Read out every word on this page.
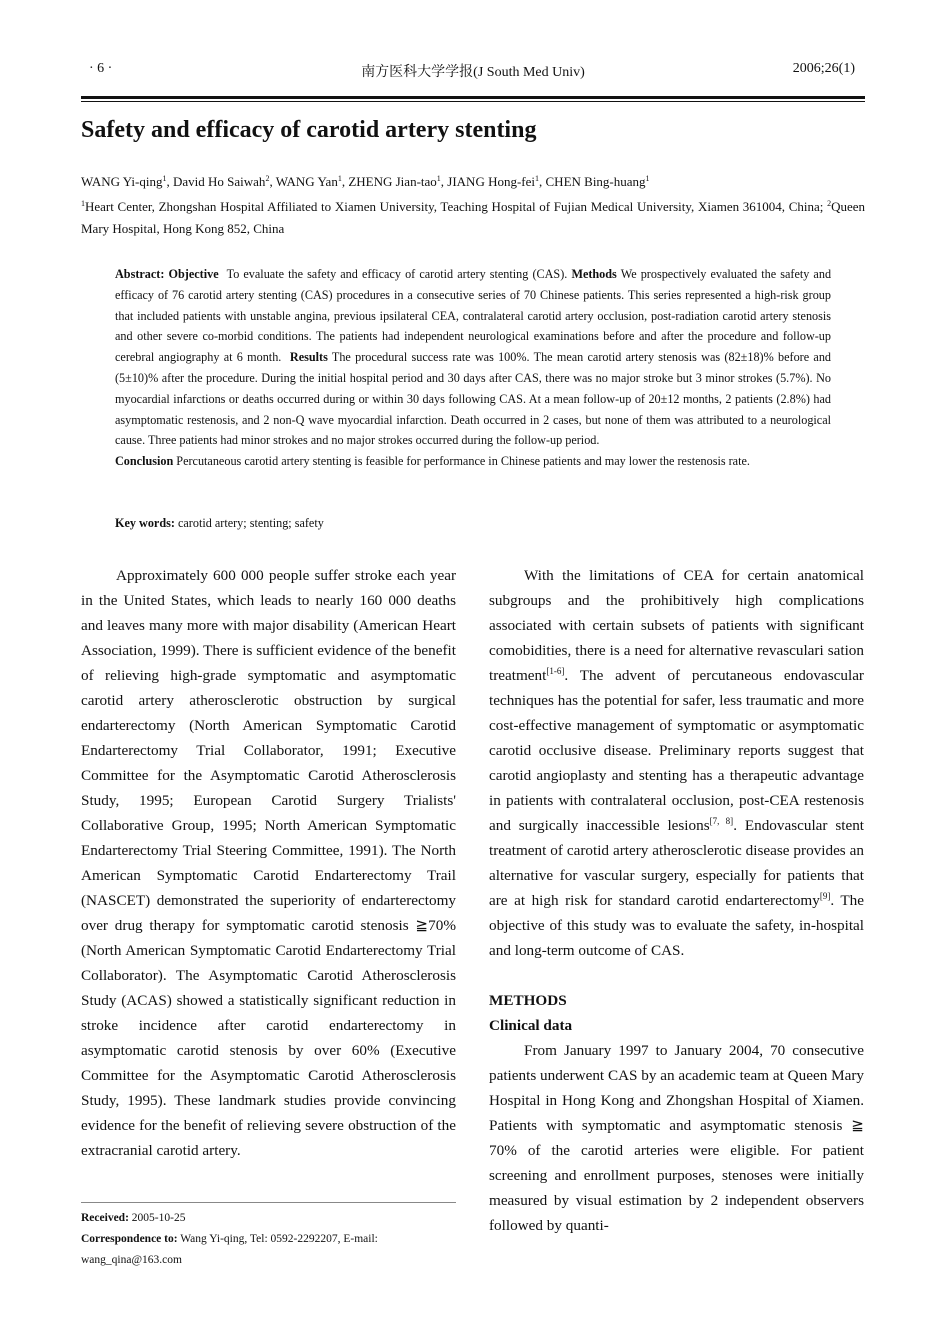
· 6 ·	南方医科大学学报(J South Med Univ)	2006;26(1)
Safety and efficacy of carotid artery stenting
WANG Yi-qing$^1$, David Ho Saiwah$^2$, WANG Yan$^1$, ZHENG Jian-tao$^1$, JIANG Hong-fei$^1$, CHEN Bing-huang$^1$
$^1$Heart Center, Zhongshan Hospital Affiliated to Xiamen University, Teaching Hospital of Fujian Medical University, Xiamen 361004, China; $^2$Queen Mary Hospital, Hong Kong 852, China
Abstract: Objective To evaluate the safety and efficacy of carotid artery stenting (CAS). Methods We prospectively evaluated the safety and efficacy of 76 carotid artery stenting (CAS) procedures in a consecutive series of 70 Chinese patients. This series represented a high-risk group that included patients with unstable angina, previous ipsilateral CEA, contralateral carotid artery occlusion, post-radiation carotid artery stenosis and other severe co-morbid conditions. The patients had independent neurological examinations before and after the procedure and follow-up cerebral angiography at 6 month. Results The procedural success rate was 100%. The mean carotid artery stenosis was (82±18)% before and (5±10)% after the procedure. During the initial hospital period and 30 days after CAS, there was no major stroke but 3 minor strokes (5.7%). No myocardial infarctions or deaths occurred during or within 30 days following CAS. At a mean follow-up of 20±12 months, 2 patients (2.8%) had asymptomatic restenosis, and 2 non-Q wave myocardial infarction. Death occurred in 2 cases, but none of them was attributed to a neurological cause. Three patients had minor strokes and no major strokes occurred during the follow-up period.
Conclusion Percutaneous carotid artery stenting is feasible for performance in Chinese patients and may lower the restenosis rate.
Key words: carotid artery; stenting; safety

Approximately 600 000 people suffer stroke each year in the United States, which leads to nearly 160 000 deaths and leaves many more with major disability (American Heart Association, 1999). There is sufficient evidence of the benefit of relieving high-grade symptomatic and asymptomatic carotid artery atherosclerotic obstruction by surgical endarterectomy (North American Symptomatic Carotid Endarterectomy Trial Collaborator, 1991; Executive Committee for the Asymptomatic Carotid Atherosclerosis Study, 1995; European Carotid Surgery Trialists' Collaborative Group, 1995; North American Symptomatic Endarterectomy Trial Steering Committee, 1991). The North American Symptomatic Carotid Endarterectomy Trail (NASCET) demonstrated the superiority of endarterectomy over drug therapy for symptomatic carotid stenosis ≧70% (North American Symptomatic Carotid Endarterectomy Trial Collaborator). The Asymptomatic Carotid Atherosclerosis Study (ACAS) showed a statistically significant reduction in stroke incidence after carotid endarterectomy in asymptomatic carotid stenosis by over 60% (Executive Committee for the Asymptomatic Carotid Atherosclerosis Study, 1995). These landmark studies provide convincing evidence for the benefit of relieving severe obstruction of the extracranial carotid artery.

With the limitations of CEA for certain anatomical subgroups and the prohibitively high complications associated with certain subsets of patients with significant comobidities, there is a need for alternative revasculari sation treatment[1-6]. The advent of percutaneous endovascular techniques has the potential for safer, less traumatic and more cost-effective management of symptomatic or asymptomatic carotid occlusive disease. Preliminary reports suggest that carotid angioplasty and stenting has a therapeutic advantage in patients with contralateral occlusion, post-CEA restenosis and surgically inaccessible lesions[7, 8]. Endovascular stent treatment of carotid artery atherosclerotic disease provides an alternative for vascular surgery, especially for patients that are at high risk for standard carotid endarterectomy[9]. The objective of this study was to evaluate the safety, in-hospital and long-term outcome of CAS.

METHODS

Clinical data

From January 1997 to January 2004, 70 consecutive patients underwent CAS by an academic team at Queen Mary Hospital in Hong Kong and Zhongshan Hospital of Xiamen. Patients with symptomatic and asymptomatic stenosis ≧ 70% of the carotid arteries were eligible. For patient screening and enrollment purposes, stenoses were initially measured by visual estimation by 2 independent observers followed by quanti-

Received: 2005-10-25
Correspondence to: Wang Yi-qing, Tel: 0592-2292207, E-mail: wang_qina@163.com
